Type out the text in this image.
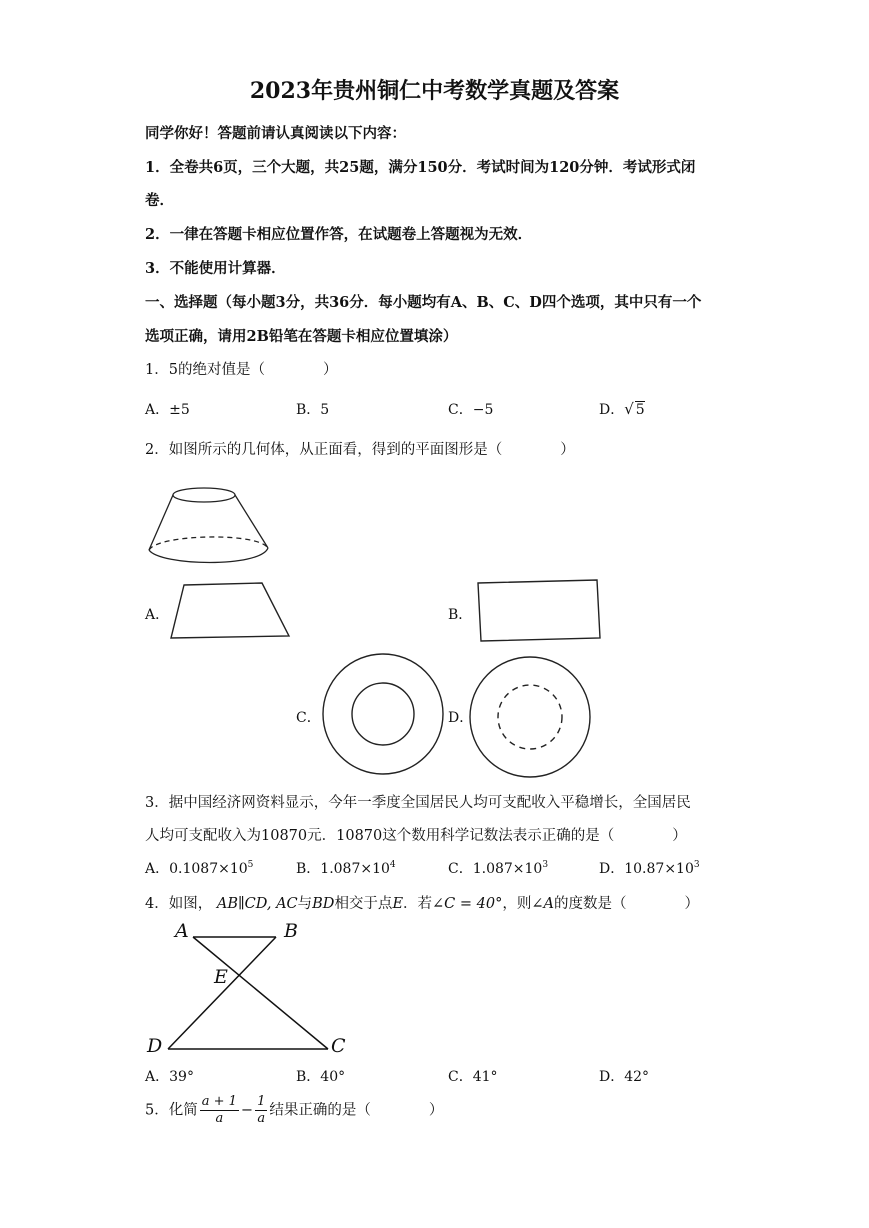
2023年贵州铜仁中考数学真题及答案
同学你好！答题前请认真阅读以下内容：
1．全卷共6页，三个大题，共25题，满分150分．考试时间为120分钟．考试形式闭
卷．
2．一律在答题卡相应位置作答，在试题卷上答题视为无效．
3．不能使用计算器．
一、选择题（每小题3分，共36分．每小题均有A、B、C、D四个选项，其中只有一个
选项正确，请用2B铅笔在答题卡相应位置填涂）
1．5的绝对值是（　　　　）
A．±5	B．5	C．−5	D．√ 5
2．如图所示的几何体，从正面看，得到的平面图形是（　　　　）
A．	B．
C．	D．
3．据中国经济网资料显示，今年一季度全国居民人均可支配收入平稳增长，全国居民
人均可支配收入为10870元．10870这个数用科学记数法表示正确的是（　　　　）
A．$0.1087\times 10^5$	B．$1.087\times 10^4$	C．$1.087\times 10^3$	D．$10.87\times 10^3$
4．如图， AB∥CD, AC与BD相交于点E．若∠C = 40°，则∠A的度数是（　　　　）
A	B
E
D	C
A．39°	B．40°	C．41°	D．42°
5．化简 $\frac{a + 1}{a} - \frac{1}{a}$ 结果正确的是（　　　　）
